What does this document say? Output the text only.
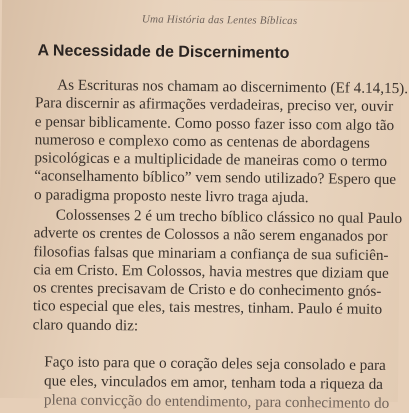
Uma História das Lentes Bíblicas
A Necessidade de Discernimento
As Escrituras nos chamam ao discernimento (Ef 4.14,15).
Para discernir as afirmações verdadeiras, preciso ver, ouvir
e pensar biblicamente. Como posso fazer isso com algo tão
numeroso e complexo como as centenas de abordagens
psicológicas e a multiplicidade de maneiras como o termo
“aconselhamento bíblico” vem sendo utilizado? Espero que
o paradigma proposto neste livro traga ajuda.
Colossenses 2 é um trecho bíblico clássico no qual Paulo
adverte os crentes de Colossos a não serem enganados por
filosofias falsas que minariam a confiança de sua suficiên-
cia em Cristo. Em Colossos, havia mestres que diziam que
os crentes precisavam de Cristo e do conhecimento gnós-
tico especial que eles, tais mestres, tinham. Paulo é muito
claro quando diz:
Faço isto para que o coração deles seja consolado e para
que eles, vinculados em amor, tenham toda a riqueza da
plena convicção do entendimento, para conhecimento do
